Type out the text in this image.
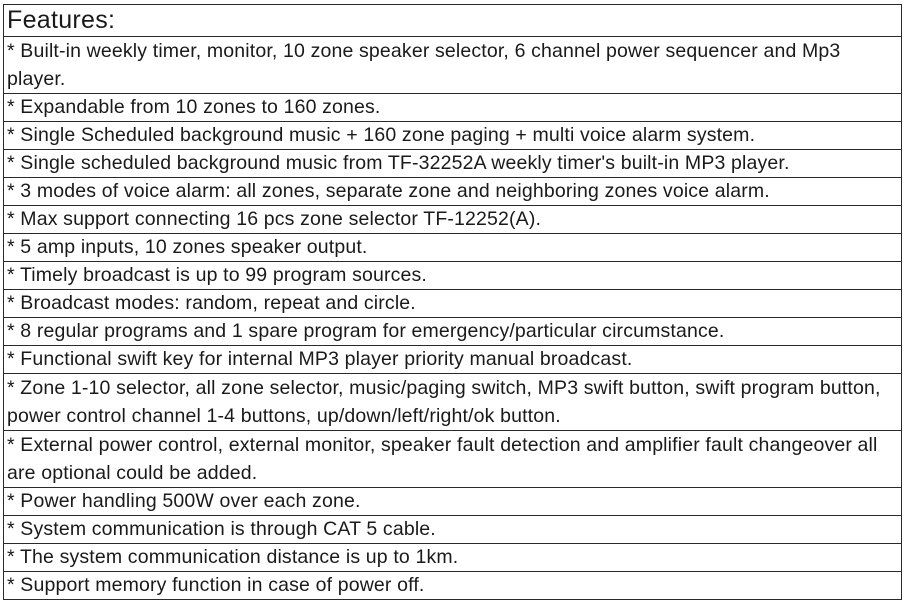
Features:
* Built-in weekly timer, monitor, 10 zone speaker selector, 6 channel power sequencer and Mp3 player.
* Expandable from 10 zones to 160 zones.
* Single Scheduled background music + 160 zone paging + multi voice alarm system.
* Single scheduled background music from TF-32252A weekly timer's built-in MP3 player.
* 3 modes of voice alarm: all zones, separate zone and neighboring zones voice alarm.
* Max support connecting 16 pcs zone selector TF-12252(A).
* 5 amp inputs, 10 zones speaker output.
* Timely broadcast is up to 99 program sources.
* Broadcast modes: random, repeat and circle.
* 8 regular programs and 1 spare program for emergency/particular circumstance.
* Functional swift key for internal MP3 player priority manual broadcast.
* Zone 1-10 selector, all zone selector, music/paging switch, MP3 swift button, swift program button, power control channel 1-4 buttons, up/down/left/right/ok button.
* External power control, external monitor, speaker fault detection and amplifier fault changeover all are optional could be added.
* Power handling 500W over each zone.
* System communication is through CAT 5 cable.
* The system communication distance is up to 1km.
* Support memory function in case of power off.
